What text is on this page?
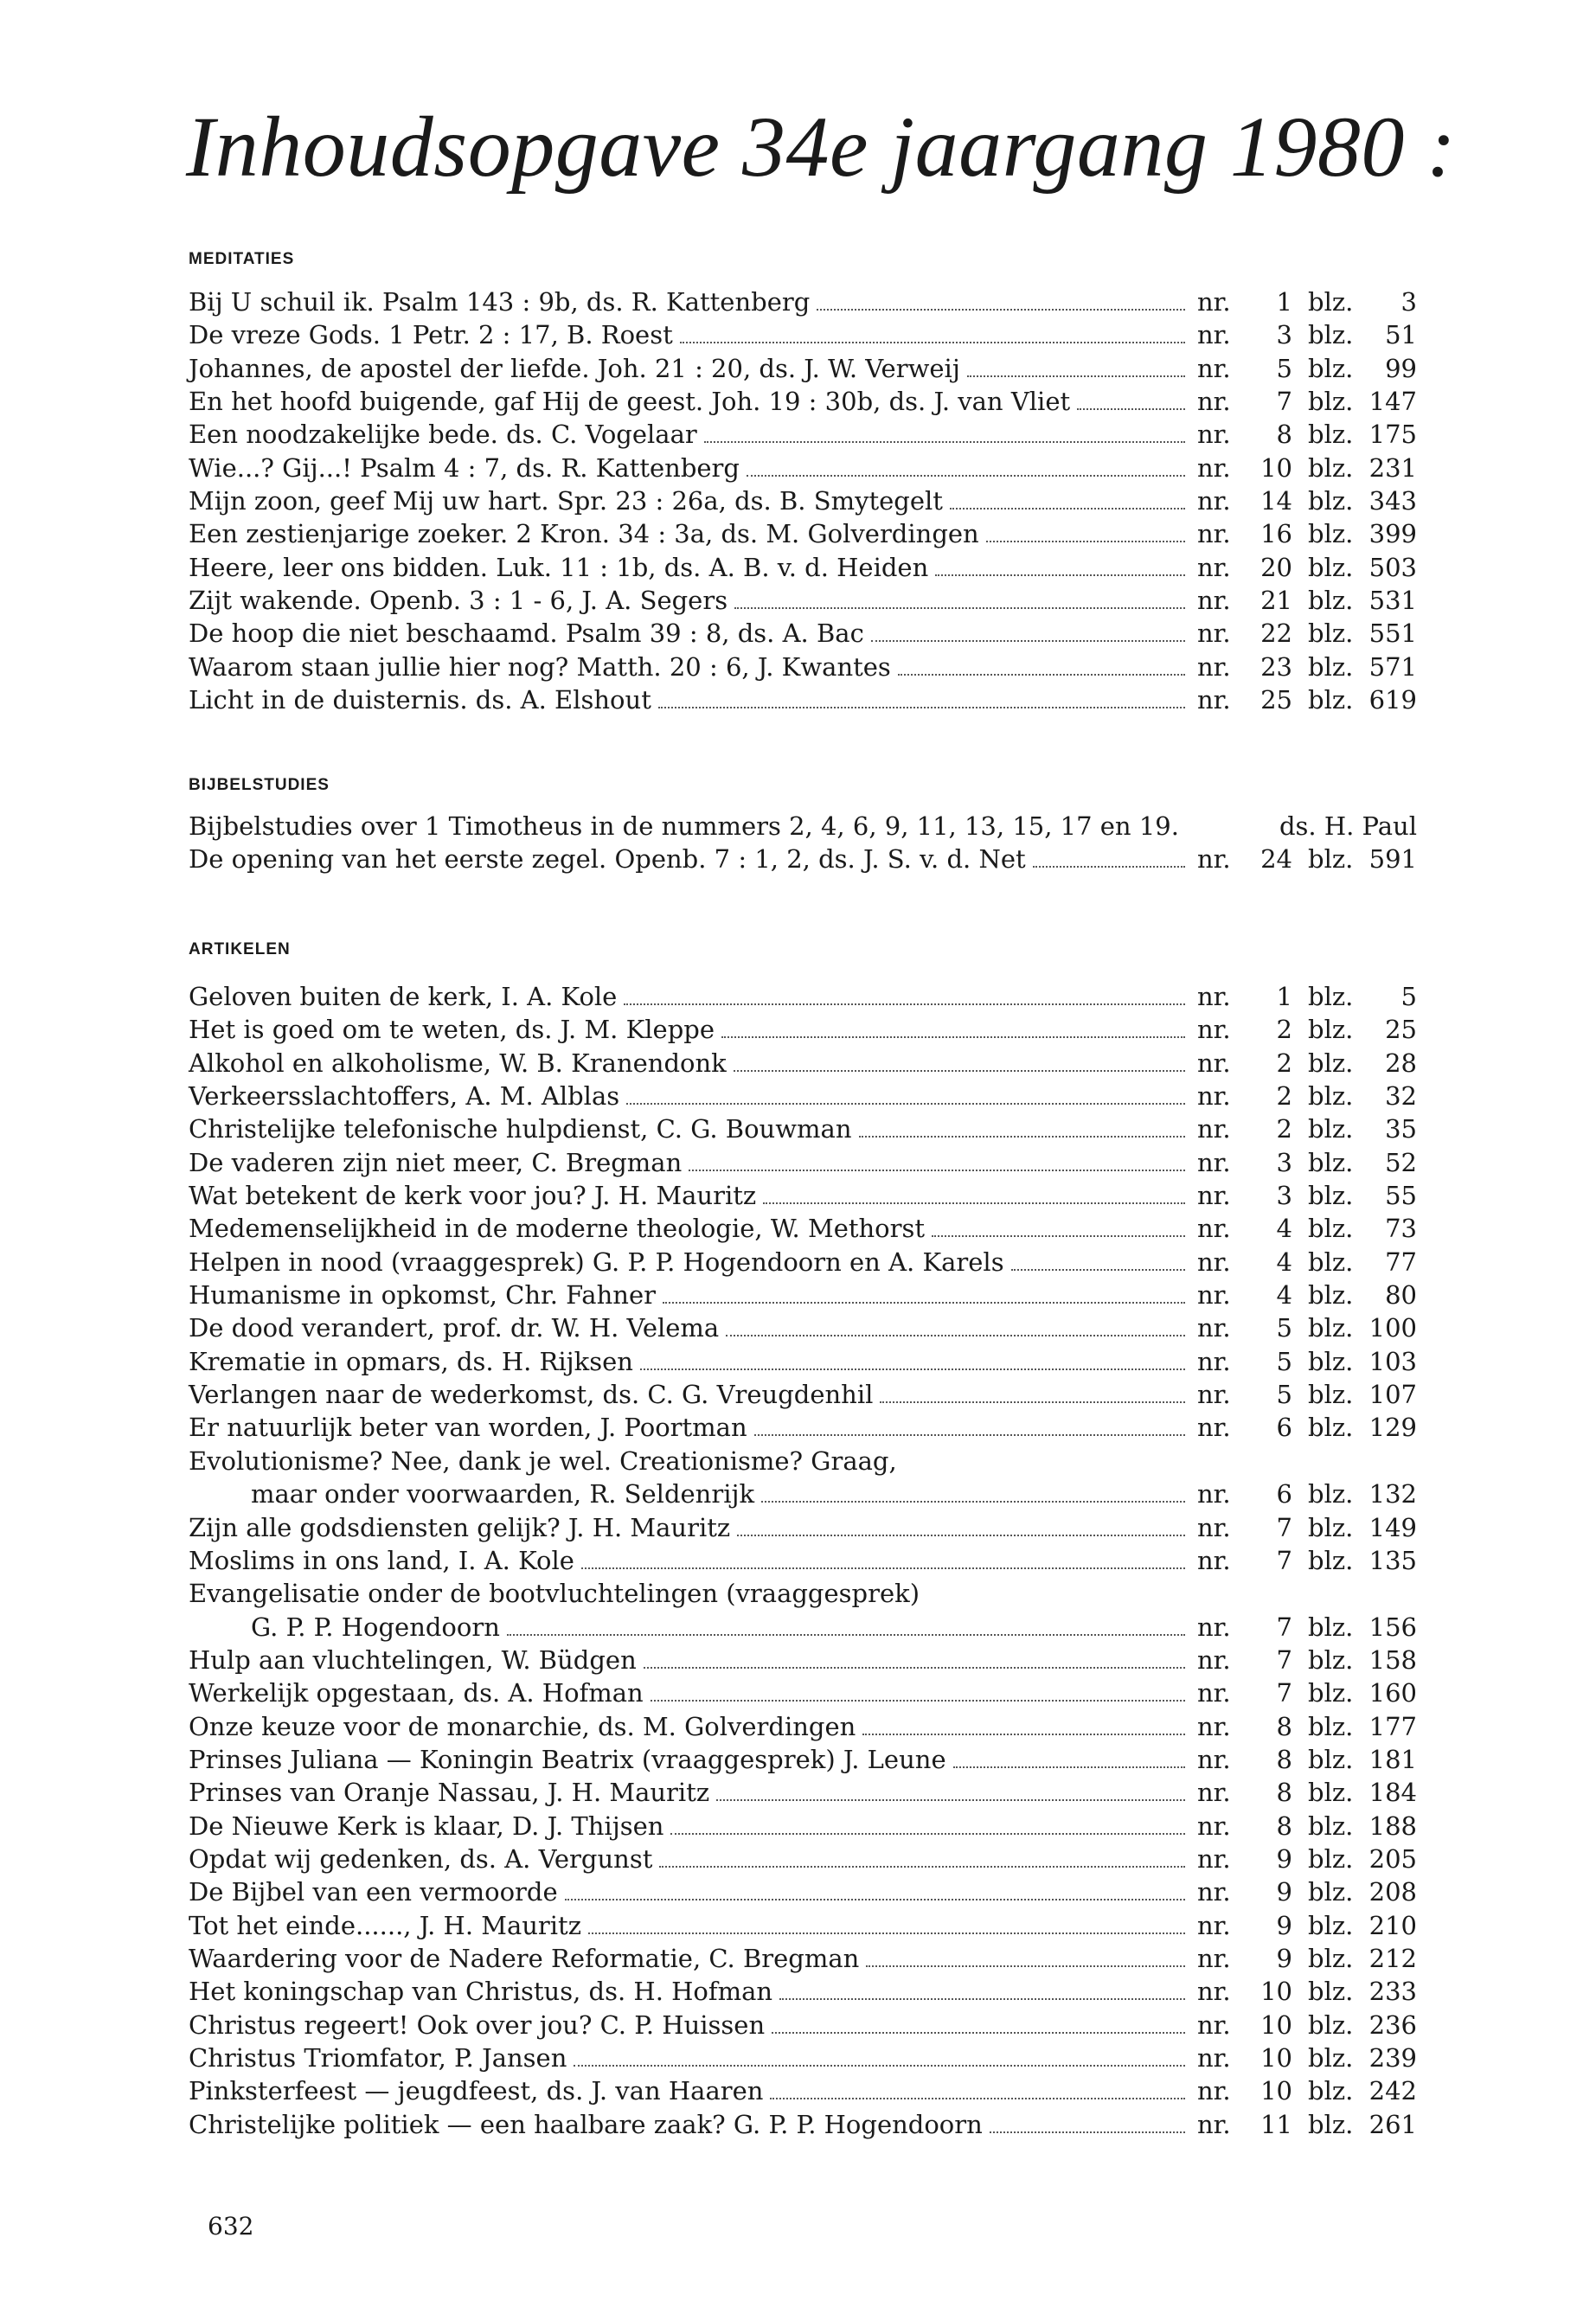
Inhoudsopgave 34e jaargang 1980 :
MEDITATIES
Bij U schuil ik. Psalm 143 : 9b, ds. R. Kattenberg	nr.	1 blz.	3
De vreze Gods. 1 Petr. 2 : 17, B. Roest	nr.	3 blz.	51
Johannes, de apostel der liefde. Joh. 21 : 20, ds. J. W. Verweij	nr.	5 blz.	99
En het hoofd buigende, gaf Hij de geest. Joh. 19 : 30b, ds. J. van Vliet	nr.	7 blz. 147
Een noodzakelijke bede. ds. C. Vogelaar	nr.	8 blz. 175
Wie...? Gij...! Psalm 4 : 7, ds. R. Kattenberg	nr.	10 blz. 231
Mijn zoon, geef Mij uw hart. Spr. 23 : 26a, ds. B. Smytegelt	nr.	14 blz. 343
Een zestienjarige zoeker. 2 Kron. 34 : 3a, ds. M. Golverdingen	nr.	16 blz. 399
Heere, leer ons bidden. Luk. 11 : 1b, ds. A. B. v. d. Heiden	nr.	20 blz. 503
Zijt wakende. Openb. 3 : 1 - 6, J. A. Segers	nr.	21 blz. 531
De hoop die niet beschaamd. Psalm 39 : 8, ds. A. Bac	nr.	22 blz. 551
Waarom staan jullie hier nog? Matth. 20 : 6, J. Kwantes	nr.	23 blz. 571
Licht in de duisternis. ds. A. Elshout	nr.	25 blz. 619
BIJBELSTUDIES
Bijbelstudies over 1 Timotheus in de nummers 2, 4, 6, 9, 11, 13, 15, 17 en 19.	ds. H. Paul
De opening van het eerste zegel. Openb. 7 : 1, 2, ds. J. S. v. d. Net	nr.	24 blz. 591
ARTIKELEN
Geloven buiten de kerk, I. A. Kole	nr.	1 blz.	5
Het is goed om te weten, ds. J. M. Kleppe	nr.	2 blz.	25
Alkohol en alkoholisme, W. B. Kranendonk	nr.	2 blz.	28
Verkeersslachtoffers, A. M. Alblas	nr.	2 blz.	32
Christelijke telefonische hulpdienst, C. G. Bouwman	nr.	2 blz.	35
De vaderen zijn niet meer, C. Bregman	nr.	3 blz.	52
Wat betekent de kerk voor jou? J. H. Mauritz	nr.	3 blz.	55
Medemenselijkheid in de moderne theologie, W. Methorst	nr.	4 blz.	73
Helpen in nood (vraaggesprek) G. P. P. Hogendoorn en A. Karels	nr.	4 blz.	77
Humanisme in opkomst, Chr. Fahner	nr.	4 blz.	80
De dood verandert, prof. dr. W. H. Velema	nr.	5 blz. 100
Krematie in opmars, ds. H. Rijksen	nr.	5 blz. 103
Verlangen naar de wederkomst, ds. C. G. Vreugdenhil	nr.	5 blz. 107
Er natuurlijk beter van worden, J. Poortman	nr.	6 blz. 129
Evolutionisme? Nee, dank je wel. Creationisme? Graag,
maar onder voorwaarden, R. Seldenrijk	nr.	6 blz. 132
Zijn alle godsdiensten gelijk? J. H. Mauritz	nr.	7 blz. 149
Moslims in ons land, I. A. Kole	nr.	7 blz. 135
Evangelisatie onder de bootvluchtelingen (vraaggesprek)
G. P. P. Hogendoorn	nr.	7 blz. 156
Hulp aan vluchtelingen, W. Büdgen	nr.	7 blz. 158
Werkelijk opgestaan, ds. A. Hofman	nr.	7 blz. 160
Onze keuze voor de monarchie, ds. M. Golverdingen	nr.	8 blz. 177
Prinses Juliana — Koningin Beatrix (vraaggesprek) J. Leune	nr.	8 blz. 181
Prinses van Oranje Nassau, J. H. Mauritz	nr.	8 blz. 184
De Nieuwe Kerk is klaar, D. J. Thijsen	nr.	8 blz. 188
Opdat wij gedenken, ds. A. Vergunst	nr.	9 blz. 205
De Bijbel van een vermoorde	nr.	9 blz. 208
Tot het einde......, J. H. Mauritz	nr.	9 blz. 210
Waardering voor de Nadere Reformatie, C. Bregman	nr.	9 blz. 212
Het koningschap van Christus, ds. H. Hofman	nr.	10 blz. 233
Christus regeert! Ook over jou? C. P. Huissen	nr.	10 blz. 236
Christus Triomfator, P. Jansen	nr.	10 blz. 239
Pinksterfeest — jeugdfeest, ds. J. van Haaren	nr.	10 blz. 242
Christelijke politiek — een haalbare zaak? G. P. P. Hogendoorn	nr.	11 blz. 261

632
